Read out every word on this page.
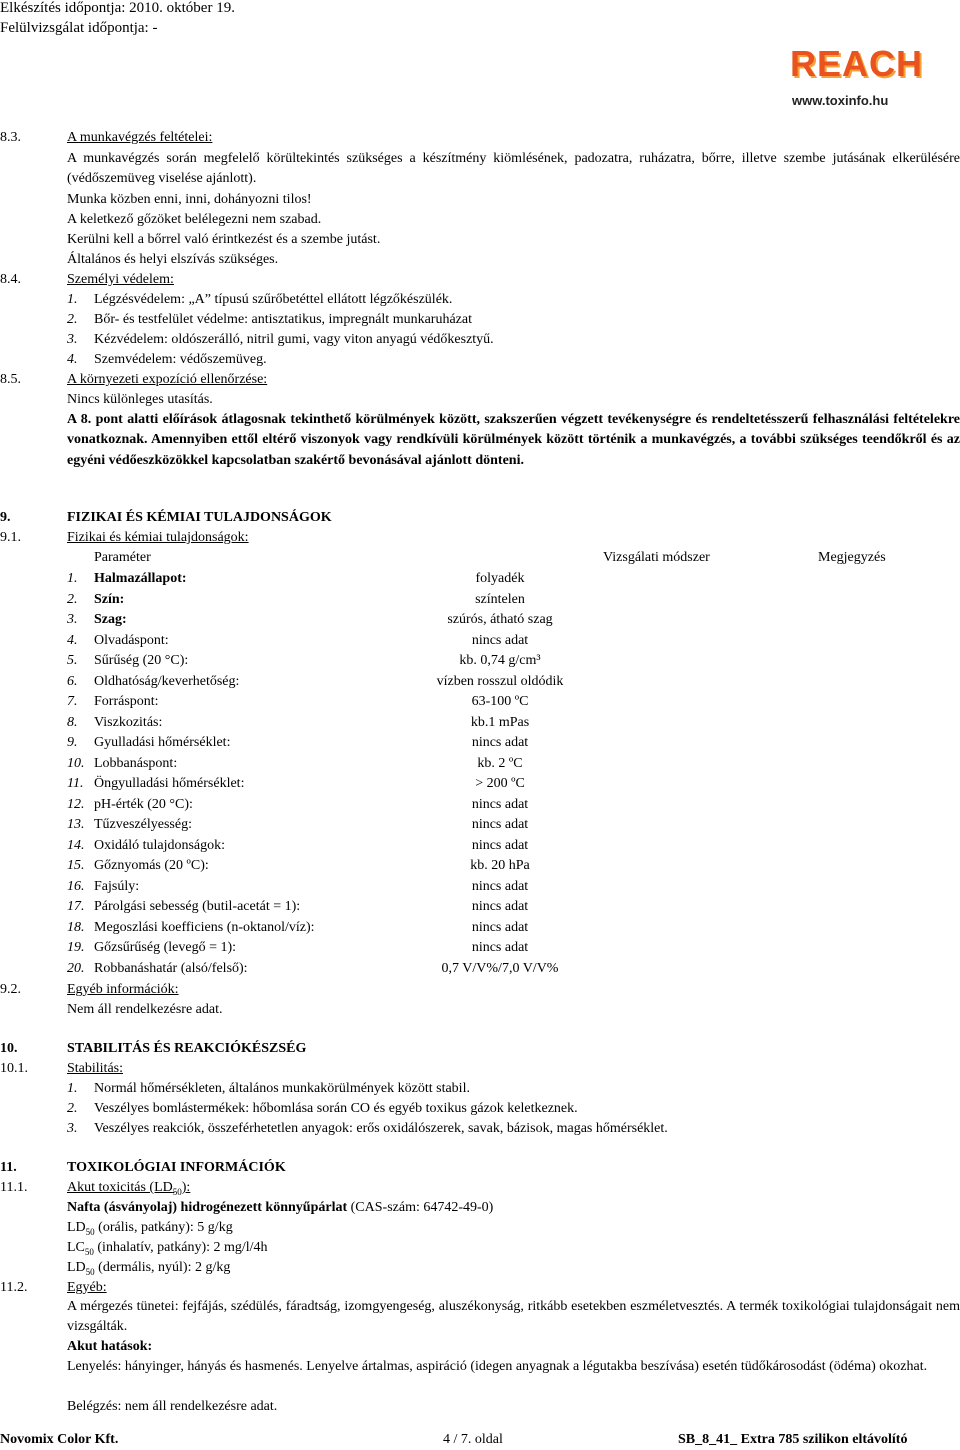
Elkészítés időpontja: 2010. október 19.
Felülvizsgálat időpontja: -
REACH
www.toxinfo.hu
8.3.	A munkavégzés feltételei:
A munkavégzés során megfelelő körültekintés szükséges a készítmény kiömlésének, padozatra, ruházatra, bőrre, illetve szembe jutásának elkerülésére (védőszemüveg viselése ajánlott).
Munka közben enni, inni, dohányozni tilos!
A keletkező gőzöket belélegezni nem szabad.
Kerülni kell a bőrrel való érintkezést és a szembe jutást.
Általános és helyi elszívás szükséges.
8.4.	Személyi védelem:
1. Légzésvédelem: „A” típusú szűrőbetéttel ellátott légzőkészülék.
2. Bőr- és testfelület védelme: antisztatikus, impregnált munkaruházat
3. Kézvédelem: oldószerálló, nitril gumi, vagy viton anyagú védőkesztyű.
4. Szemvédelem: védőszemüveg.
8.5.	A környezeti expozíció ellenőrzése:
Nincs különleges utasítás.
A 8. pont alatti előírások átlagosnak tekinthető körülmények között, szakszerűen végzett tevékenységre és rendeltetésszerű felhasználási feltételekre vonatkoznak. Amennyiben ettől eltérő viszonyok vagy rendkívüli körülmények között történik a munkavégzés, a további szükséges teendőkről és az egyéni védőeszközökkel kapcsolatban szakértő bevonásával ajánlott dönteni.
9.	FIZIKAI ÉS KÉMIAI TULAJDONSÁGOK
9.1.	Fizikai és kémiai tulajdonságok:
Paraméter	Vizsgálati módszer	Megjegyzés
1. Halmazállapot:	folyadék
2. Szín:	színtelen
3. Szag:	szúrós, átható szag
4. Olvadáspont:	nincs adat
5. Sűrűség (20 °C):	kb. 0,74 g/cm³
6. Oldhatóság/keverhetőség:	vízben rosszul oldódik
7. Forráspont:	63-100 ºC
8. Viszkozitás:	kb.1 mPas
9. Gyulladási hőmérséklet:	nincs adat
10. Lobbanáspont:	kb. 2 ºC
11. Öngyulladási hőmérséklet:	> 200 ºC
12. pH-érték (20 °C):	nincs adat
13. Tűzveszélyesség:	nincs adat
14. Oxidáló tulajdonságok:	nincs adat
15. Gőznyomás (20 ºC):	kb. 20 hPa
16. Fajsúly:	nincs adat
17. Párolgási sebesség (butil-acetát = 1):	nincs adat
18. Megoszlási koefficiens (n-oktanol/víz):	nincs adat
19. Gőzsűrűség (levegő = 1):	nincs adat
20. Robbanáshatár (alsó/felső):	0,7 V/V%/7,0 V/V%
9.2.	Egyéb információk:
Nem áll rendelkezésre adat.
10.	STABILITÁS ÉS REAKCIÓKÉSZSÉG
10.1.	Stabilitás:
1. Normál hőmérsékleten, általános munkakörülmények között stabil.
2. Veszélyes bomlástermékek: hőbomlása során CO és egyéb toxikus gázok keletkeznek.
3. Veszélyes reakciók, összeférhetetlen anyagok: erős oxidálószerek, savak, bázisok, magas hőmérséklet.
11.	TOXIKOLÓGIAI INFORMÁCIÓK
11.1.	Akut toxicitás $(LD_{50})$:
Nafta (ásványolaj) hidrogénezett könnyűpárlat (CAS-szám: 64742-49-0)
$LD_{50}$ (orális, patkány): 5 g/kg
$LC_{50}$ (inhalatív, patkány): 2 mg/l/4h
$LD_{50}$ (dermális, nyúl): 2 g/kg
11.2.	Egyéb:
A mérgezés tünetei: fejfájás, szédülés, fáradtság, izomgyengeség, aluszékonyság, ritkább esetekben eszméletvesztés. A termék toxikológiai tulajdonságait nem vizsgálták.
Akut hatások:
Lenyelés: hányinger, hányás és hasmenés. Lenyelve ártalmas, aspiráció (idegen anyagnak a légutakba beszívása) esetén tüdőkárosodást (ödéma) okozhat.
Belégzés: nem áll rendelkezésre adat.
Novomix Color Kft.	4 / 7. oldal	SB_8_41_ Extra 785 szilikon eltávolító
